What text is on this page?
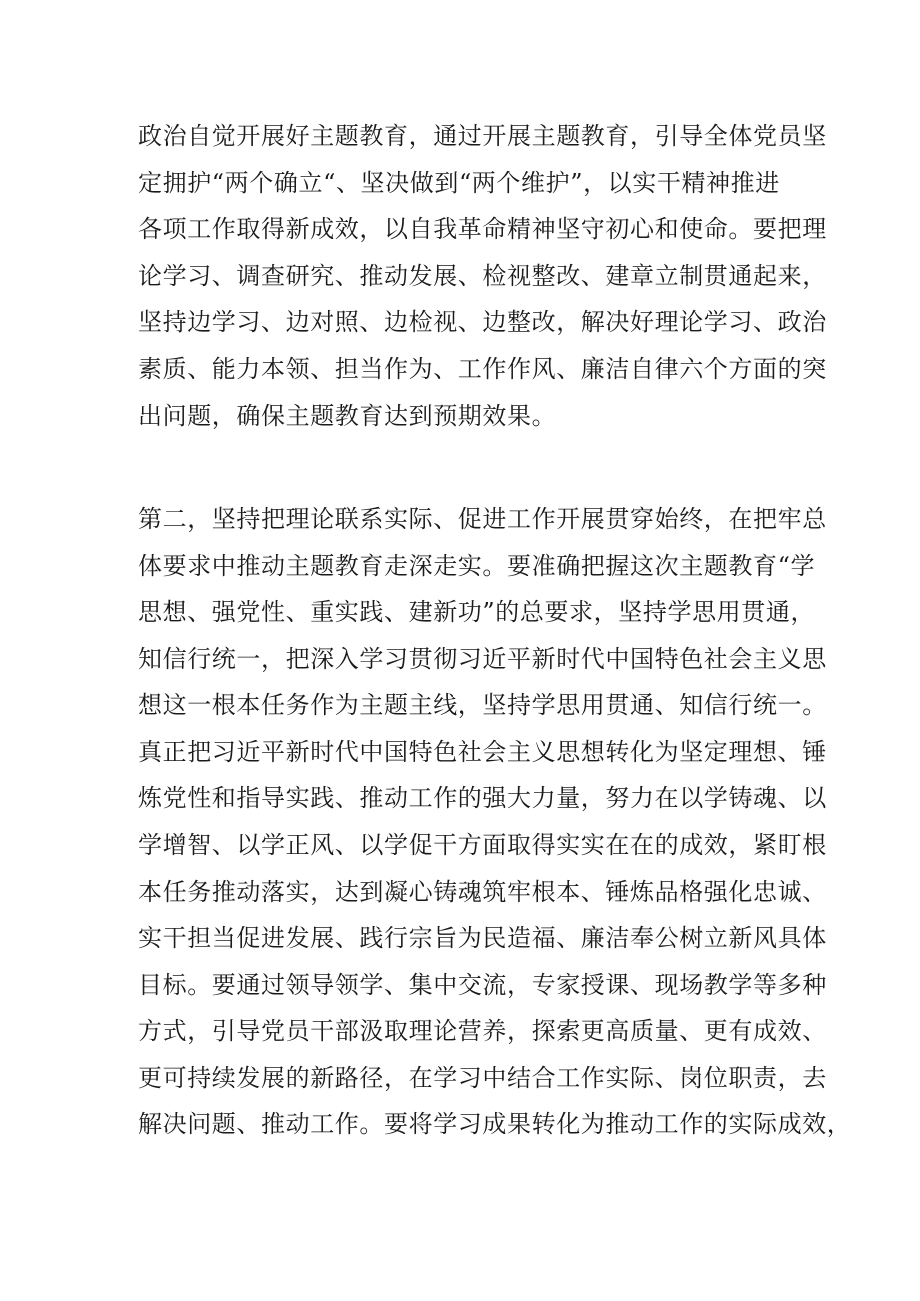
政治自觉开展好主题教育，通过开展主题教育，引导全体党员坚
定拥护“两个确立“、坚决做到“两个维护”，以实干精神推进
各项工作取得新成效，以自我革命精神坚守初心和使命。要把理
论学习、调查研究、推动发展、检视整改、建章立制贯通起来，
坚持边学习、边对照、边检视、边整改，解决好理论学习、政治
素质、能力本领、担当作为、工作作风、廉洁自律六个方面的突
出问题，确保主题教育达到预期效果。
第二，坚持把理论联系实际、促进工作开展贯穿始终，在把牢总
体要求中推动主题教育走深走实。要准确把握这次主题教育“学
思想、强党性、重实践、建新功”的总要求，坚持学思用贯通，
知信行统一，把深入学习贯彻习近平新时代中国特色社会主义思
想这一根本任务作为主题主线，坚持学思用贯通、知信行统一。
真正把习近平新时代中国特色社会主义思想转化为坚定理想、锤
炼党性和指导实践、推动工作的强大力量，努力在以学铸魂、以
学增智、以学正风、以学促干方面取得实实在在的成效，紧盯根
本任务推动落实，达到凝心铸魂筑牢根本、锤炼品格强化忠诚、
实干担当促进发展、践行宗旨为民造福、廉洁奉公树立新风具体
目标。要通过领导领学、集中交流，专家授课、现场教学等多种
方式，引导党员干部汲取理论营养，探索更高质量、更有成效、
更可持续发展的新路径，在学习中结合工作实际、岗位职责，去
解决问题、推动工作。要将学习成果转化为推动工作的实际成效，
